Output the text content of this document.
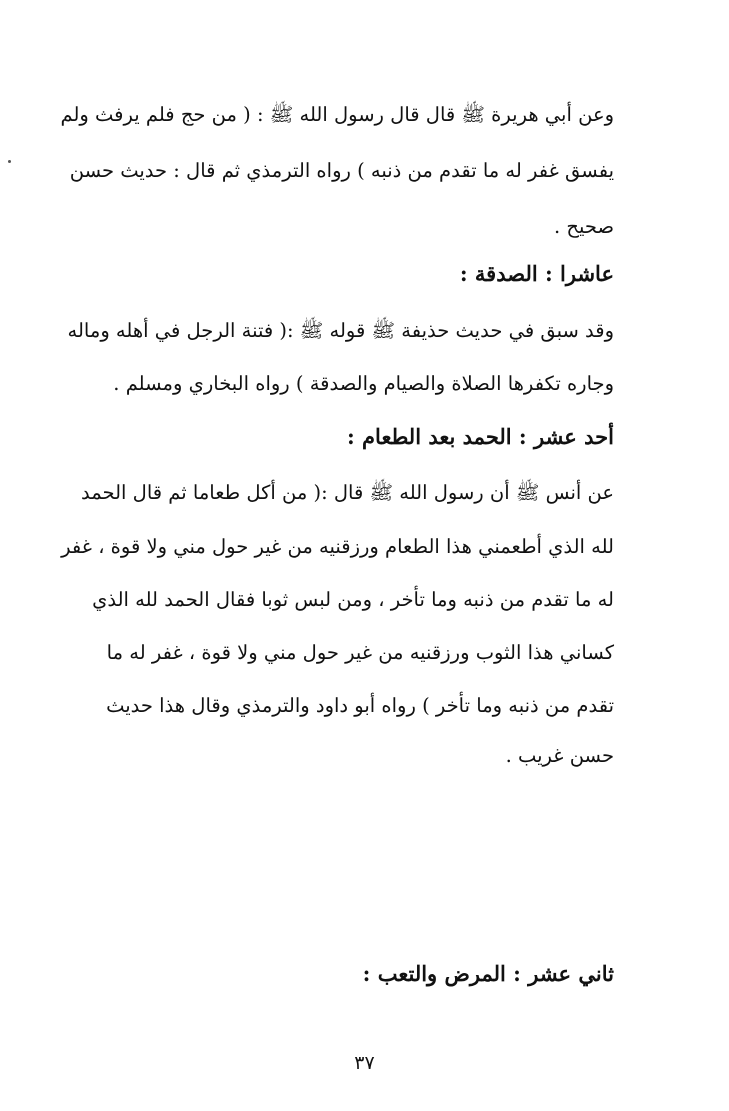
وعن أبي هريرة ﷺ قال قال رسول الله ﷺ : ( من حج فلم يرفث ولم
يفسق غفر له ما تقدم من ذنبه ) رواه الترمذي ثم قال : حديث حسن
صحيح .
عاشرا : الصدقة :
وقد سبق في حديث حذيفة ﷺ قوله ﷺ :( فتنة الرجل في أهله وماله
وجاره تكفرها الصلاة والصيام والصدقة ) رواه البخاري ومسلم .
أحد عشر : الحمد بعد الطعام :
عن أنس ﷺ أن رسول الله ﷺ قال :( من أكل طعاما ثم قال الحمد
لله الذي أطعمني هذا الطعام ورزقنيه من غير حول مني ولا قوة ، غفر
له ما تقدم من ذنبه وما تأخر ، ومن لبس ثوبا فقال الحمد لله الذي
كساني هذا الثوب ورزقنيه من غير حول مني ولا قوة ، غفر له ما
تقدم من ذنبه وما تأخر ) رواه أبو داود والترمذي وقال هذا حديث
حسن غريب .
ثاني عشر : المرض والتعب :
٣٧
